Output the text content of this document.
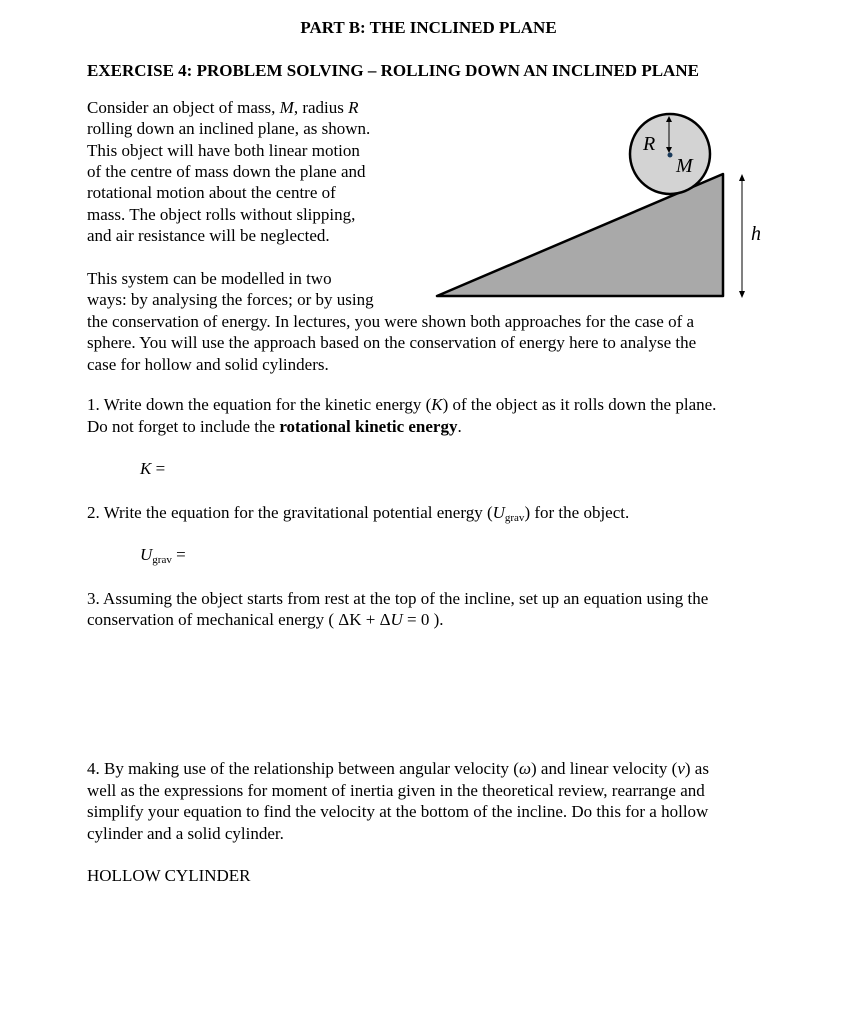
PART B: THE INCLINED PLANE
EXERCISE 4: PROBLEM SOLVING – ROLLING DOWN AN INCLINED PLANE
R
M
h
Consider an object of mass, M, radius R
rolling down an inclined plane, as shown.
This object will have both linear motion
of the centre of mass down the plane and
rotational motion about the centre of
mass. The object rolls without slipping,
and air resistance will be neglected.
This system can be modelled in two
ways: by analysing the forces; or by using
the conservation of energy. In lectures, you were shown both approaches for the case of a
sphere. You will use the approach based on the conservation of energy here to analyse the
case for hollow and solid cylinders.
1. Write down the equation for the kinetic energy (K) of the object as it rolls down the plane.
Do not forget to include the rotational kinetic energy.
K =
2. Write the equation for the gravitational potential energy $(U_{grav})$ for the object.
$U_{grav}$ =
3. Assuming the object starts from rest at the top of the incline, set up an equation using the
conservation of mechanical energy ( ΔK + ΔU = 0 ).
4. By making use of the relationship between angular velocity (ω) and linear velocity (v) as
well as the expressions for moment of inertia given in the theoretical review, rearrange and
simplify your equation to find the velocity at the bottom of the incline. Do this for a hollow
cylinder and a solid cylinder.
HOLLOW CYLINDER
